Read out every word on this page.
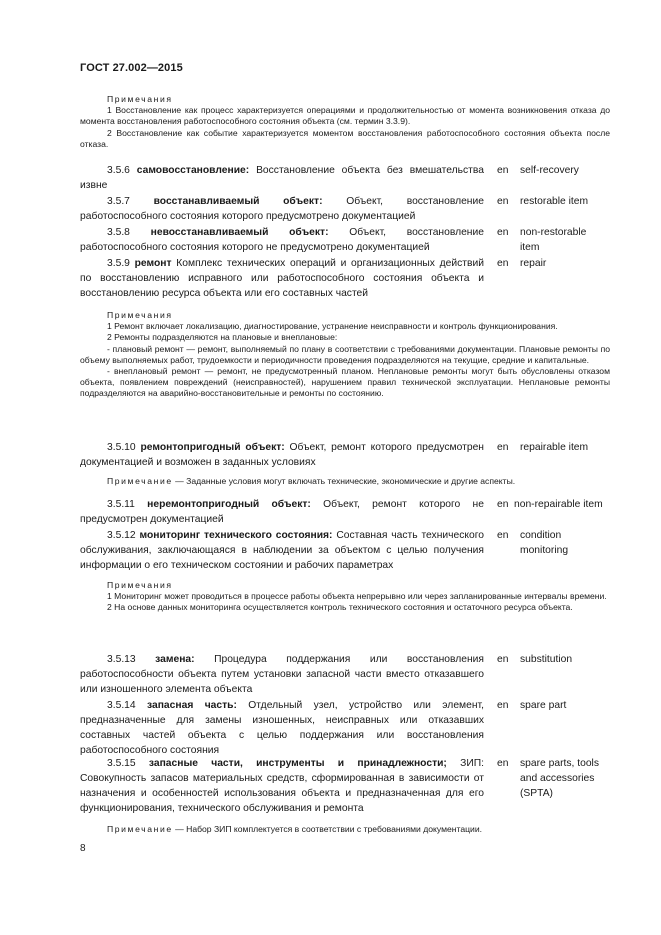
ГОСТ 27.002—2015

Примечания

1 Восстановление как процесс характеризуется операциями и продолжительностью от момента возникновения отказа до момента восстановления работоспособного состояния объекта (см. термин 3.3.9).

2 Восстановление как событие характеризуется моментом восстановления работоспособного состояния объекта после отказа.

3.5.6 самовосстановление: Восстановление объекта без вмешательства извне

en self-recovery

3.5.7 восстанавливаемый объект: Объект, восстановление работоспособного состояния которого предусмотрено документацией

en restorable item

3.5.8 невосстанавливаемый объект: Объект, восстановление работоспособного состояния которого не предусмотрено документацией

en non-restorable item

3.5.9 ремонт Комплекс технических операций и организационных действий по восстановлению исправного или работоспособного состояния объекта и восстановлению ресурса объекта или его составных частей

en repair

Примечания

1 Ремонт включает локализацию, диагностирование, устранение неисправности и контроль функционирования.

2 Ремонты подразделяются на плановые и внеплановые:

- плановый ремонт — ремонт, выполняемый по плану в соответствии с требованиями документации. Плановые ремонты по объему выполняемых работ, трудоемкости и периодичности проведения подразделяются на текущие, средние и капитальные.

- внеплановый ремонт — ремонт, не предусмотренный планом. Неплановые ремонты могут быть обусловлены отказом объекта, появлением повреждений (неисправностей), нарушением правил технической эксплуатации. Неплановые ремонты подразделяются на аварийно-восстановительные и ремонты по состоянию.

3.5.10 ремонтопригодный объект: Объект, ремонт которого предусмотрен документацией и возможен в заданных условиях

en repairable item

Примечание — Заданные условия могут включать технические, экономические и другие аспекты.

3.5.11 неремонтопригодный объект: Объект, ремонт которого не предусмотрен документацией

en non-repairable item

3.5.12 мониторинг технического состояния: Составная часть технического обслуживания, заключающаяся в наблюдении за объектом с целью получения информации о его техническом состоянии и рабочих параметрах

en condition monitoring

Примечания

1 Мониторинг может проводиться в процессе работы объекта непрерывно или через запланированные интервалы времени.

2 На основе данных мониторинга осуществляется контроль технического состояния и остаточного ресурса объекта.

3.5.13 замена: Процедура поддержания или восстановления работоспособности объекта путем установки запасной части вместо отказавшего или изношенного элемента объекта

en substitution

3.5.14 запасная часть: Отдельный узел, устройство или элемент, предназначенные для замены изношенных, неисправных или отказавших составных частей объекта с целью поддержания или восстановления работоспособного состояния

en spare part

3.5.15 запасные части, инструменты и принадлежности; ЗИП: Совокупность запасов материальных средств, сформированная в зависимости от назначения и особенностей использования объекта и предназначенная для его функционирования, технического обслуживания и ремонта

en spare parts, tools and accessories (SPTA)

Примечание — Набор ЗИП комплектуется в соответствии с требованиями документации.

8
